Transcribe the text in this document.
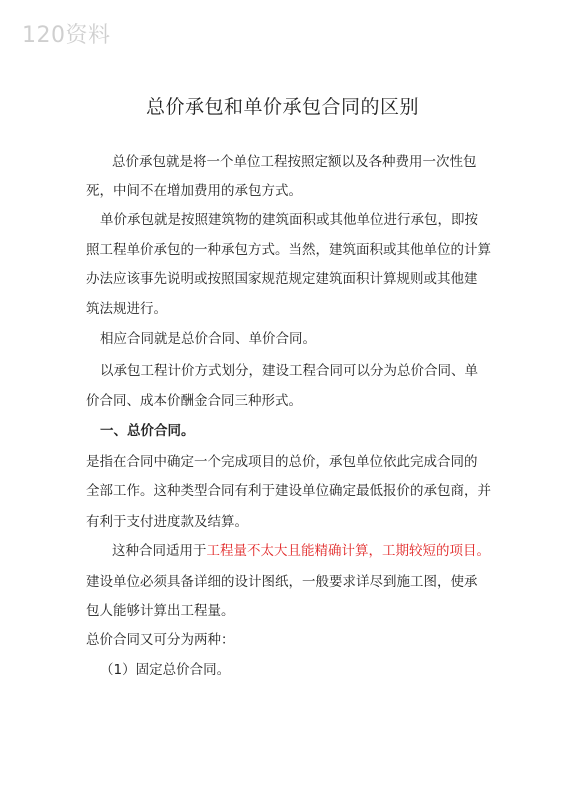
120资料
总价承包和单价承包合同的区别
总价承包就是将一个单位工程按照定额以及各种费用一次性包
死，中间不在增加费用的承包方式。
单价承包就是按照建筑物的建筑面积或其他单位进行承包，即按
照工程单价承包的一种承包方式。当然，建筑面积或其他单位的计算
办法应该事先说明或按照国家规范规定建筑面积计算规则或其他建
筑法规进行。
相应合同就是总价合同、单价合同。
以承包工程计价方式划分，建设工程合同可以分为总价合同、单
价合同、成本价酬金合同三种形式。
一、总价合同。
是指在合同中确定一个完成项目的总价，承包单位依此完成合同的
全部工作。这种类型合同有利于建设单位确定最低报价的承包商，并
有利于支付进度款及结算。
这种合同适用于工程量不太大且能精确计算，工期较短的项目。
建设单位必须具备详细的设计图纸，一般要求详尽到施工图，使承
包人能够计算出工程量。
总价合同又可分为两种：
（1）固定总价合同。
